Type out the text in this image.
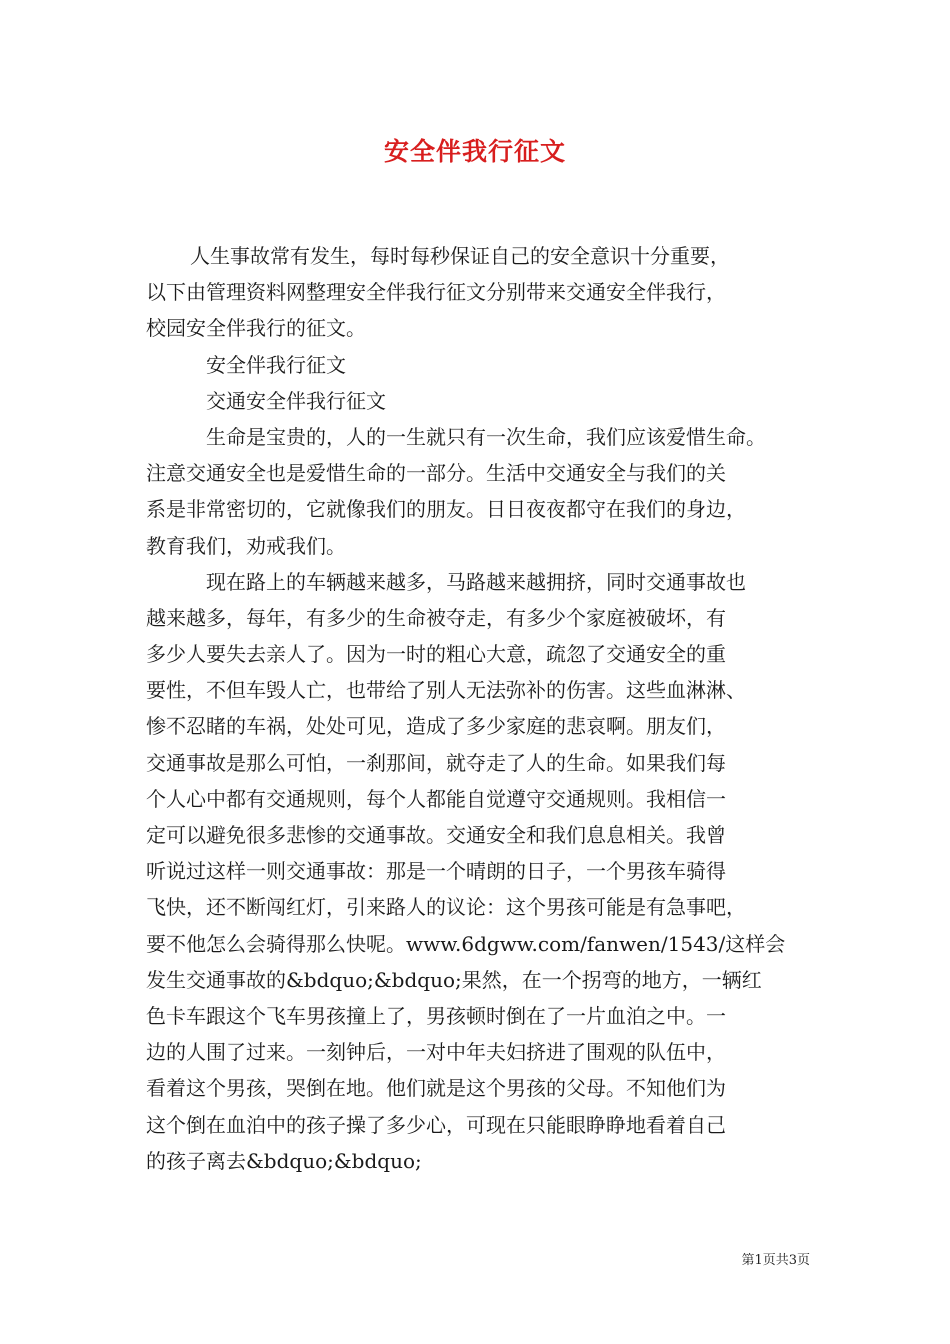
安全伴我行征文
人生事故常有发生，每时每秒保证自己的安全意识十分重要，
以下由管理资料网整理安全伴我行征文分别带来交通安全伴我行，
校园安全伴我行的征文。
安全伴我行征文
交通安全伴我行征文
生命是宝贵的，人的一生就只有一次生命，我们应该爱惜生命。
注意交通安全也是爱惜生命的一部分。生活中交通安全与我们的关
系是非常密切的，它就像我们的朋友。日日夜夜都守在我们的身边，
教育我们，劝戒我们。
现在路上的车辆越来越多，马路越来越拥挤，同时交通事故也
越来越多，每年，有多少的生命被夺走，有多少个家庭被破坏，有
多少人要失去亲人了。因为一时的粗心大意，疏忽了交通安全的重
要性，不但车毁人亡，也带给了别人无法弥补的伤害。这些血淋淋、
惨不忍睹的车祸，处处可见，造成了多少家庭的悲哀啊。朋友们，
交通事故是那么可怕，一刹那间，就夺走了人的生命。如果我们每
个人心中都有交通规则，每个人都能自觉遵守交通规则。我相信一
定可以避免很多悲惨的交通事故。交通安全和我们息息相关。我曾
听说过这样一则交通事故：那是一个晴朗的日子，一个男孩车骑得
飞快，还不断闯红灯，引来路人的议论：这个男孩可能是有急事吧，
要不他怎么会骑得那么快呢。www.6dgww.com/fanwen/1543/这样会
发生交通事故的&bdquo;&bdquo;果然，在一个拐弯的地方，一辆红
色卡车跟这个飞车男孩撞上了，男孩顿时倒在了一片血泊之中。一
边的人围了过来。一刻钟后，一对中年夫妇挤进了围观的队伍中，
看着这个男孩，哭倒在地。他们就是这个男孩的父母。不知他们为
这个倒在血泊中的孩子操了多少心，可现在只能眼睁睁地看着自己
的孩子离去&bdquo;&bdquo;
第1页共3页
